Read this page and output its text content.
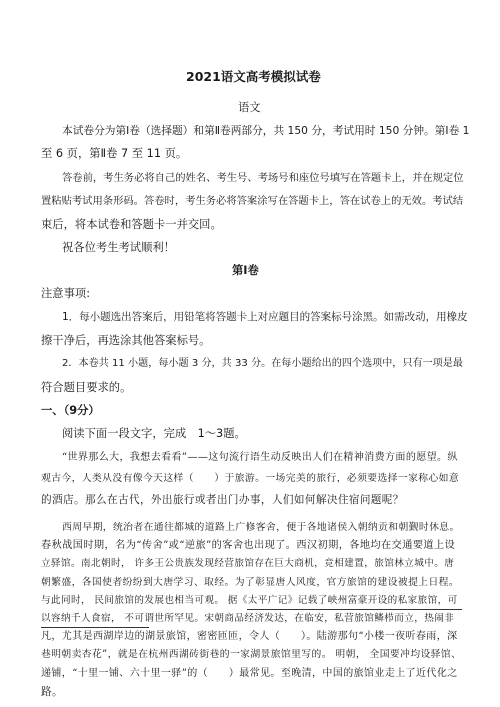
2021语文高考模拟试卷
语文
本试卷分为第Ⅰ卷（选择题）和第Ⅱ卷两部分，共 150 分，考试用时 150 分钟。第Ⅰ卷 1
至 6 页，第Ⅱ卷 7 至 11 页。
答卷前，考生务必将自己的姓名、考生号、考场号和座位号填写在答题卡上，并在规定位
置粘贴考试用条形码。答卷时，考生务必将答案涂写在答题卡上，答在试卷上的无效。考试结
束后，将本试卷和答题卡一并交回。
祝各位考生考试顺利！
第Ⅰ卷
注意事项:
1．每小题选出答案后，用铅笔将答题卡上对应题目的答案标号涂黑。如需改动，用橡皮
擦干净后，再选涂其他答案标号。
2．本卷共 11 小题，每小题 3 分，共 33 分。在每小题给出的四个选项中，只有一项是最
符合题目要求的。
一、（9分）
阅读下面一段文字，完成　1～3题。
“世界那么大，我想去看看”——这句流行语生动反映出人们在精神消费方面的愿望。纵
观古今，人类从没有像今天这样（　　）于旅游。一场完美的旅行，必须要选择一家称心如意
的酒店。那么在古代，外出旅行或者出门办事，人们如何解决住宿问题呢？
西周早期，统治者在通往都城的道路上广修客舍，便于各地诸侯入朝纳贡和朝觐时休息。
春秋战国时期，名为“传舍”或“逆旅”的客舍也出现了。西汉初期，各地均在交通要道上设
立驿馆。南北朝时， 许多王公贵族发现经营旅馆存在巨大商机，竞相建置，旅馆林立城中。唐
朝繁盛，各国使者纷纷到大唐学习、取经。为了彰显唐人风度，官方旅馆的建设被提上日程。
与此同时， 民间旅馆的发展也相当可观。 据《太平广记》记载了峡州富豪开设的私家旅馆，可
以容纳千人食宿， 不可谓世所罕见。宋朝商品经济发达，在临安，私营旅馆鳞栉而立，热闹非
凡，尤其是西湖岸边的湖景旅馆，密密匝匝，令人（　　）。陆游那句“小楼一夜听春雨，深
巷明朝卖杏花”，就是在杭州西湖砖街巷的一家湖景旅馆里写的。 明朝， 全国要冲均设驿馆、
递铺，“十里一铺、六十里一驿”的（　　）最常见。至晚清，中国的旅馆业走上了近代化之
路。
